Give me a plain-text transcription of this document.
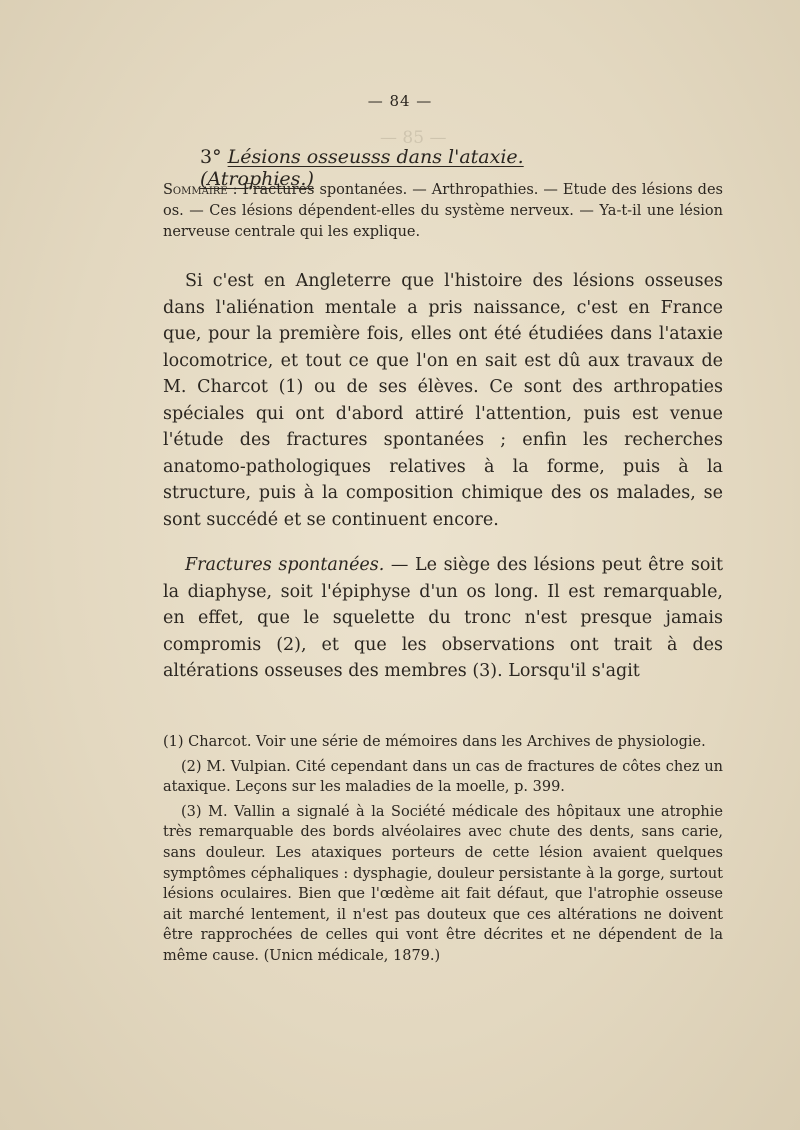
— 85 —
— 84 —
3° Lésions osseusss dans l'ataxie. (Atrophies.)
Sommaire : Fractures spontanées. — Arthropathies. — Etude des lésions des os. — Ces lésions dépendent-elles du système nerveux. — Ya-t-il une lésion nerveuse centrale qui les explique.
Si c'est en Angleterre que l'histoire des lésions osseuses dans l'aliénation mentale a pris naissance, c'est en France que, pour la première fois, elles ont été étudiées dans l'ataxie locomotrice, et tout ce que l'on en sait est dû aux travaux de M. Charcot (1) ou de ses élèves. Ce sont des arthropaties spéciales qui ont d'abord attiré l'attention, puis est venue l'étude des fractures spontanées ; enfin les recherches anatomo-pathologiques relatives à la forme, puis à la structure, puis à la composition chimique des os malades, se sont succédé et se continuent encore.
Fractures spontanées. — Le siège des lésions peut être soit la diaphyse, soit l'épiphyse d'un os long. Il est remarquable, en effet, que le squelette du tronc n'est presque jamais compromis (2), et que les observations ont trait à des altérations osseuses des membres (3). Lorsqu'il s'agit

(1) Charcot. Voir une série de mémoires dans les Archives de physiologie.

(2) M. Vulpian. Cité cependant dans un cas de fractures de côtes chez un ataxique. Leçons sur les maladies de la moelle, p. 399.

(3) M. Vallin a signalé à la Société médicale des hôpitaux une atrophie très remarquable des bords alvéolaires avec chute des dents, sans carie, sans douleur. Les ataxiques porteurs de cette lésion avaient quelques symptômes céphaliques : dysphagie, douleur persistante à la gorge, surtout lésions oculaires. Bien que l'œdème ait fait défaut, que l'atrophie osseuse ait marché lentement, il n'est pas douteux que ces altérations ne doivent être rapprochées de celles qui vont être décrites et ne dépendent de la même cause. (Unicn médicale, 1879.)
